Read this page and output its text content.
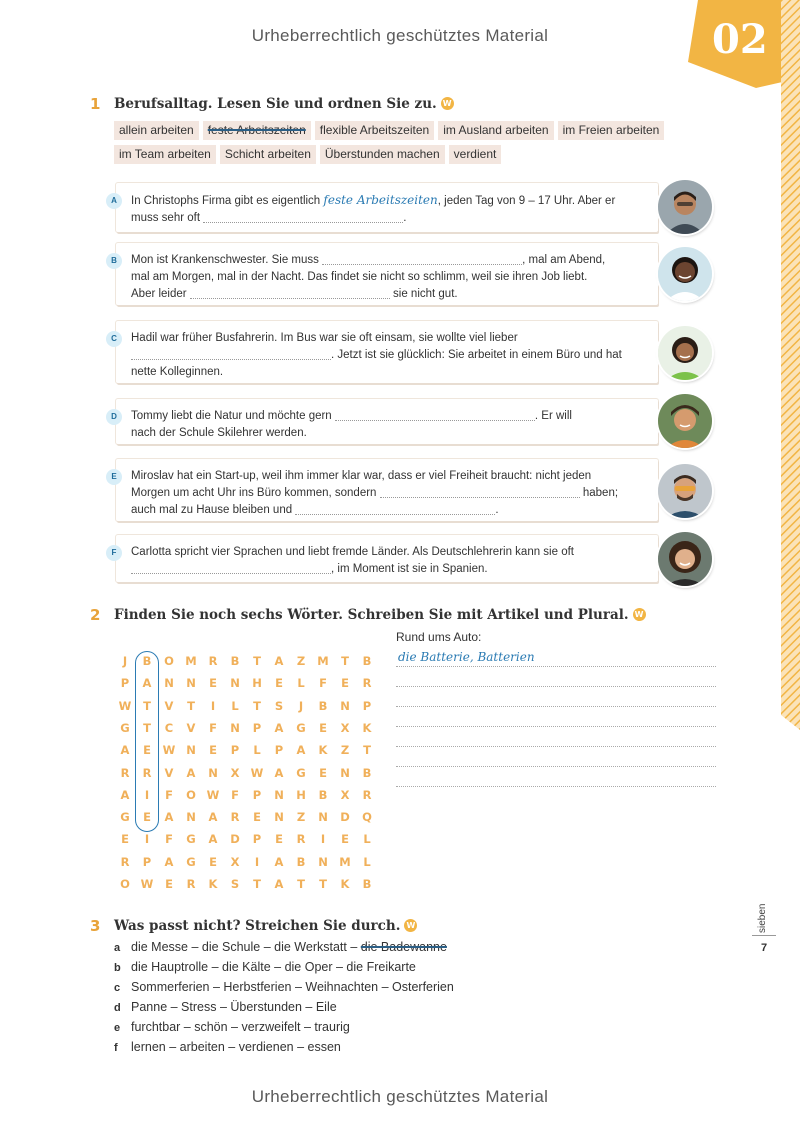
Urheberrechtlich geschütztes Material
Urheberrechtlich geschütztes Material
02
1 Berufsalltag. Lesen Sie und ordnen Sie zu. W
allein arbeiten	feste Arbeitszeiten	flexible Arbeitszeiten	im Ausland arbeiten	im Freien arbeiten
im Team arbeiten	Schicht arbeiten	Überstunden machen	verdient
A	In Christophs Firma gibt es eigentlich feste Arbeitszeiten, jeden Tag von 9 – 17 Uhr. Aber er
muss sehr oft	.
B	Mon ist Krankenschwester. Sie muss	, mal am Abend,
mal am Morgen, mal in der Nacht. Das findet sie nicht so schlimm, weil sie ihren Job liebt.
Aber leider	sie nicht gut.
C	Hadil war früher Busfahrerin. Im Bus war sie oft einsam, sie wollte viel lieber
. Jetzt ist sie glücklich: Sie arbeitet in einem Büro und hat
nette Kolleginnen.
D	Tommy liebt die Natur und möchte gern	. Er will
nach der Schule Skilehrer werden.
E	Miroslav hat ein Start-up, weil ihm immer klar war, dass er viel Freiheit braucht: nicht jeden
Morgen um acht Uhr ins Büro kommen, sondern	haben;
auch mal zu Hause bleiben und	.
F	Carlotta spricht vier Sprachen und liebt fremde Länder. Als Deutschlehrerin kann sie oft
, im Moment ist sie in Spanien.
2 Finden Sie noch sechs Wörter. Schreiben Sie mit Artikel und Plural. W
J	B	O M	R	B	T	A	Z	M	T	B
P	A	N	N	E	N	H	E	L	F	E	R
W	T	V	T	I	L	T	S	J	B	N	P
G	T	C	V	F	N	P	A	G	E	X	K
A	E	W N	E	P	L	P	A	K	Z	T
R	R	V	A	N	X W A	G	E	N	B
A	I	F	O W	F	P	N	H	B	X	R
G	E	A	N	A	R	E	N	Z	N	D	Q
E	I	F	G	A	D	P	E	R	I	E	L
R	P	A	G	E	X	I	A	B	N M	L
O W	E	R	K	S	T	A	T	T	K	B
Rund ums Auto:
die Batterie, Batterien
3 Was passt nicht? Streichen Sie durch. W
a die Messe – die Schule – die Werkstatt – die Badewanne
b die Hauptrolle – die Kälte – die Oper – die Freikarte
c Sommerferien – Herbstferien – Weihnachten – Osterferien
d Panne – Stress – Überstunden – Eile
e furchtbar – schön – verzweifelt – traurig
f lernen – arbeiten – verdienen – essen
sieben
7
